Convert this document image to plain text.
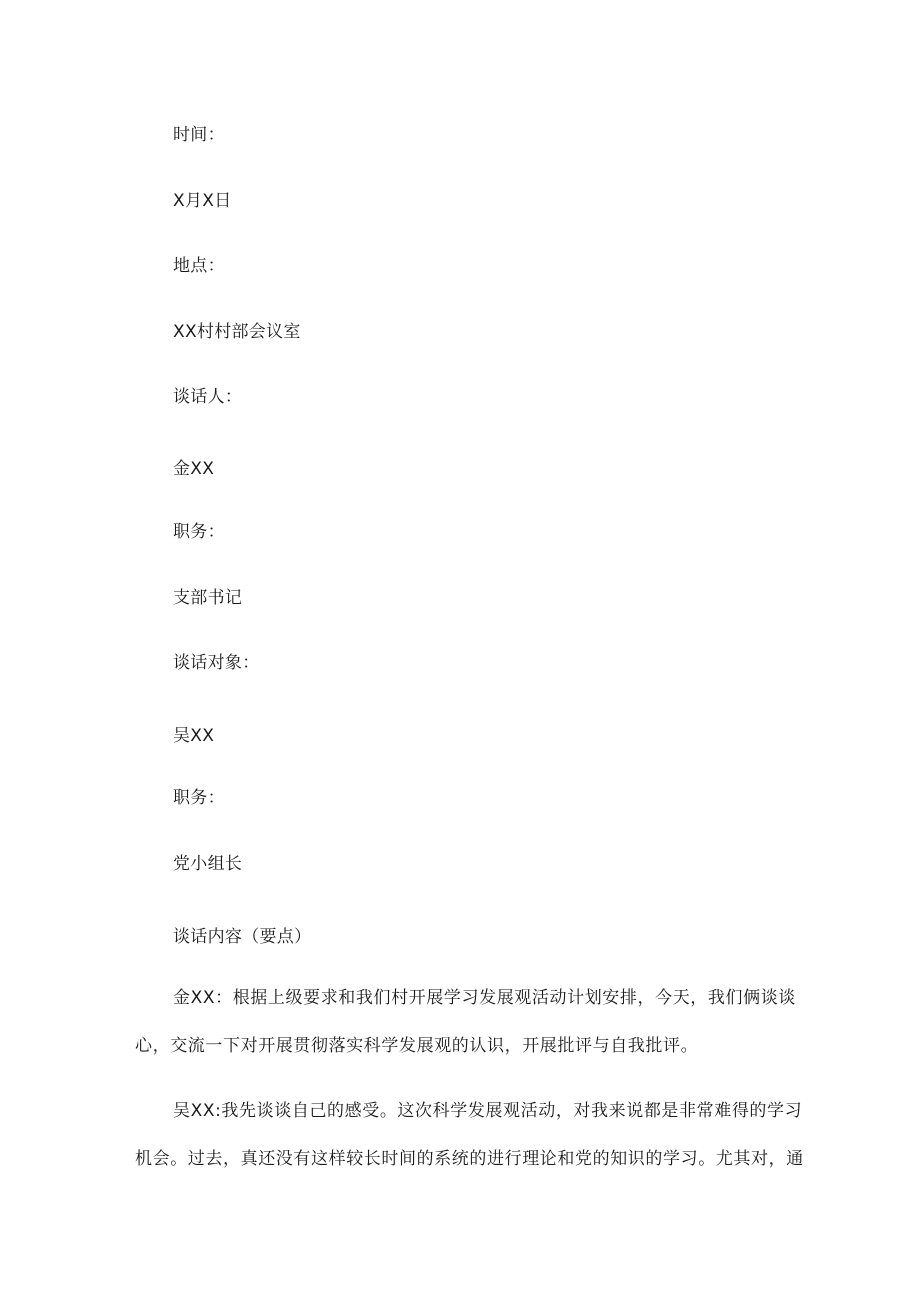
时间：
X月X日
地点：
XX村村部会议室
谈话人：
金XX
职务：
支部书记
谈话对象：
吴XX
职务：
党小组长
谈话内容（要点）
金XX：根据上级要求和我们村开展学习发展观活动计划安排，今天，我们俩谈谈
心，交流一下对开展贯彻落实科学发展观的认识，开展批评与自我批评。
吴XX:我先谈谈自己的感受。这次科学发展观活动，对我来说都是非常难得的学习
机会。过去，真还没有这样较长时间的系统的进行理论和党的知识的学习。尤其对，通
